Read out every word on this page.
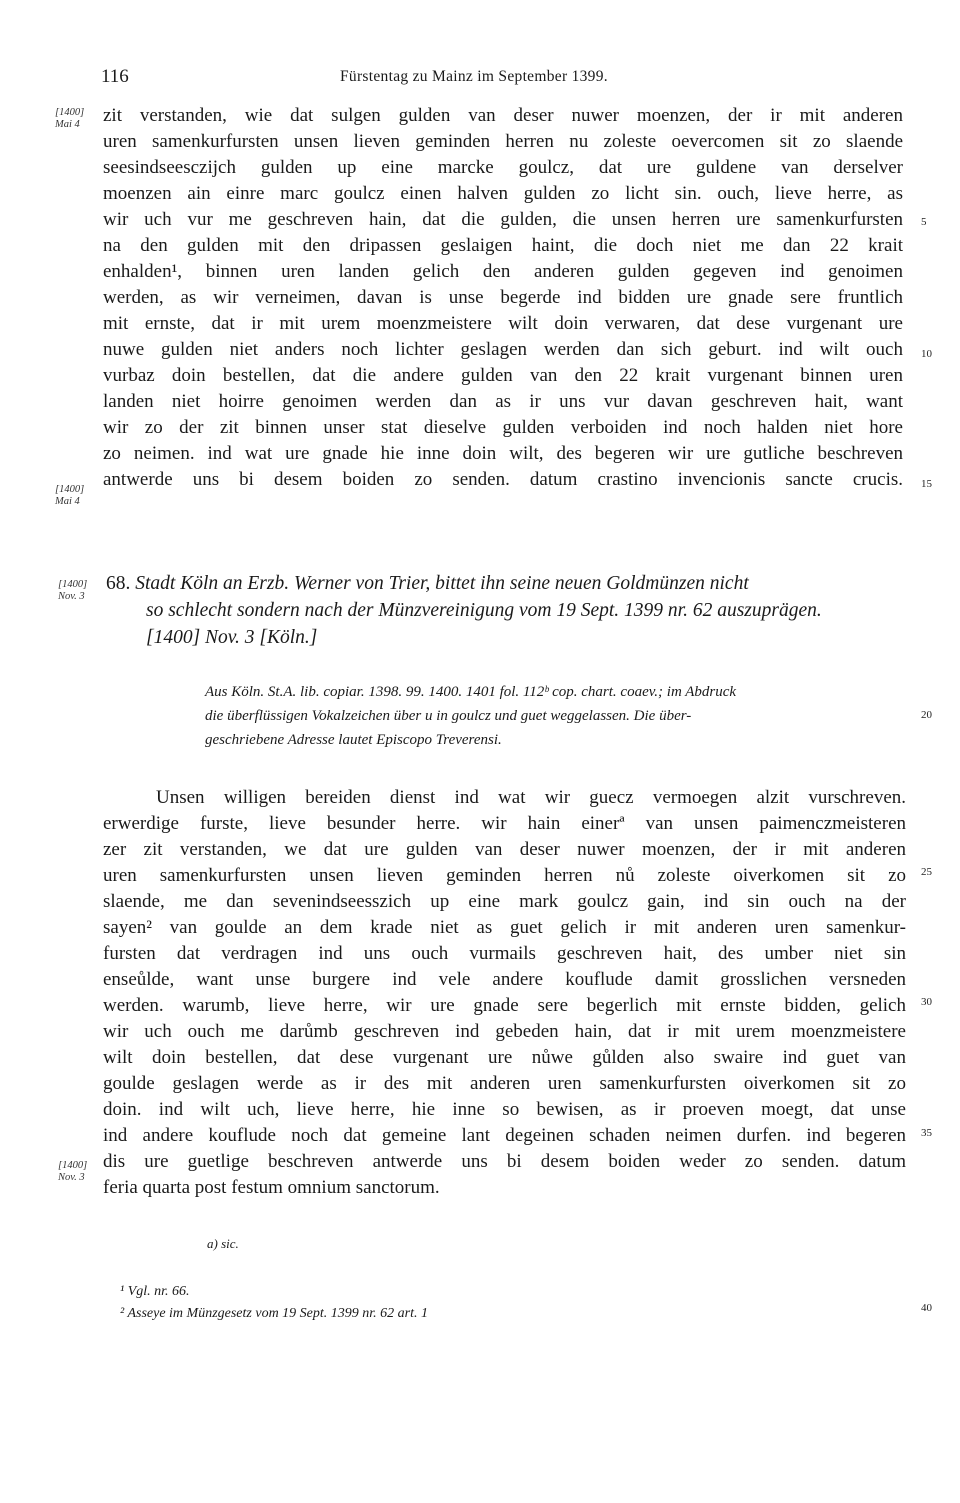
116	Fürstentag zu Mainz im September 1399.
[1400]
Mai 4
[1400]
Mai 4
[1400]
Nov. 3
[1400]
Nov. 3
5
10
15
20
25
30
35
40
zit verstanden, wie dat sulgen gulden van deser nuwer moenzen, der ir mit anderen
uren samenkurfursten unsen lieven geminden herren nu zoleste oevercomen sit zo slaende
seesindseesczijch gulden up eine marcke goulcz, dat ure guldene van derselver
moenzen ain einre marc goulcz einen halven gulden zo licht sin. ouch, lieve herre, as
wir uch vur me geschreven hain, dat die gulden, die unsen herren ure samenkurfursten
na den gulden mit den dripassen geslaigen haint, die doch niet me dan 22 krait
enhalden¹, binnen uren landen gelich den anderen gulden gegeven ind genoimen
werden, as wir verneimen, davan is unse begerde ind bidden ure gnade sere fruntlich
mit ernste, dat ir mit urem moenzmeistere wilt doin verwaren, dat dese vurgenant ure
nuwe gulden niet anders noch lichter geslagen werden dan sich geburt. ind wilt ouch
vurbaz doin bestellen, dat die andere gulden van den 22 krait vurgenant binnen uren
landen niet hoirre genoimen werden dan as ir uns vur davan geschreven hait, want
wir zo der zit binnen unser stat dieselve gulden verboiden ind noch halden niet hore
zo neimen. ind wat ure gnade hie inne doin wilt, des begeren wir ure gutliche beschreven
antwerde uns bi desem boiden zo senden. datum crastino invencionis sancte crucis.
68. Stadt Köln an Erzb. Werner von Trier, bittet ihn seine neuen Goldmünzen nicht
so schlecht sondern nach der Münzvereinigung vom 19 Sept. 1399 nr. 62 auszuprägen.
[1400] Nov. 3 [Köln.]
Aus Köln. St.A. lib. copiar. 1398. 99. 1400. 1401 fol. 112ᵇ cop. chart. coaev.; im Abdruck
die überflüssigen Vokalzeichen über u in goulcz und guet weggelassen. Die über-
geschriebene Adresse lautet Episcopo Treverensi.
Unsen willigen bereiden dienst ind wat wir guecz vermoegen alzit vurschreven.
erwerdige furste, lieve besunder herre. wir hain einerª van unsen paimenczmeisteren
zer zit verstanden, we dat ure gulden van deser nuwer moenzen, der ir mit anderen
uren samenkurfursten unsen lieven geminden herren nů zoleste oiverkomen sit zo
slaende, me dan sevenindseesszich up eine mark goulcz gain, ind sin ouch na der
sayen² van goulde an dem krade niet as guet gelich ir mit anderen uren samenkur-
fursten dat verdragen ind uns ouch vurmails geschreven hait, des umber niet sin
enseůlde, want unse burgere ind vele andere kouflude damit grosslichen versneden
werden. warumb, lieve herre, wir ure gnade sere begerlich mit ernste bidden, gelich
wir uch ouch me darůmb geschreven ind gebeden hain, dat ir mit urem moenzmeistere
wilt doin bestellen, dat dese vurgenant ure nůwe gůlden also swaire ind guet van
goulde geslagen werde as ir des mit anderen uren samenkurfursten oiverkomen sit zo
doin. ind wilt uch, lieve herre, hie inne so bewisen, as ir proeven moegt, dat unse
ind andere kouflude noch dat gemeine lant degeinen schaden neimen durfen. ind begeren
dis ure guetlige beschreven antwerde uns bi desem boiden weder zo senden. datum
feria quarta post festum omnium sanctorum.
a) sic.
¹ Vgl. nr. 66.
² Asseye im Münzgesetz vom 19 Sept. 1399 nr. 62 art. 1
